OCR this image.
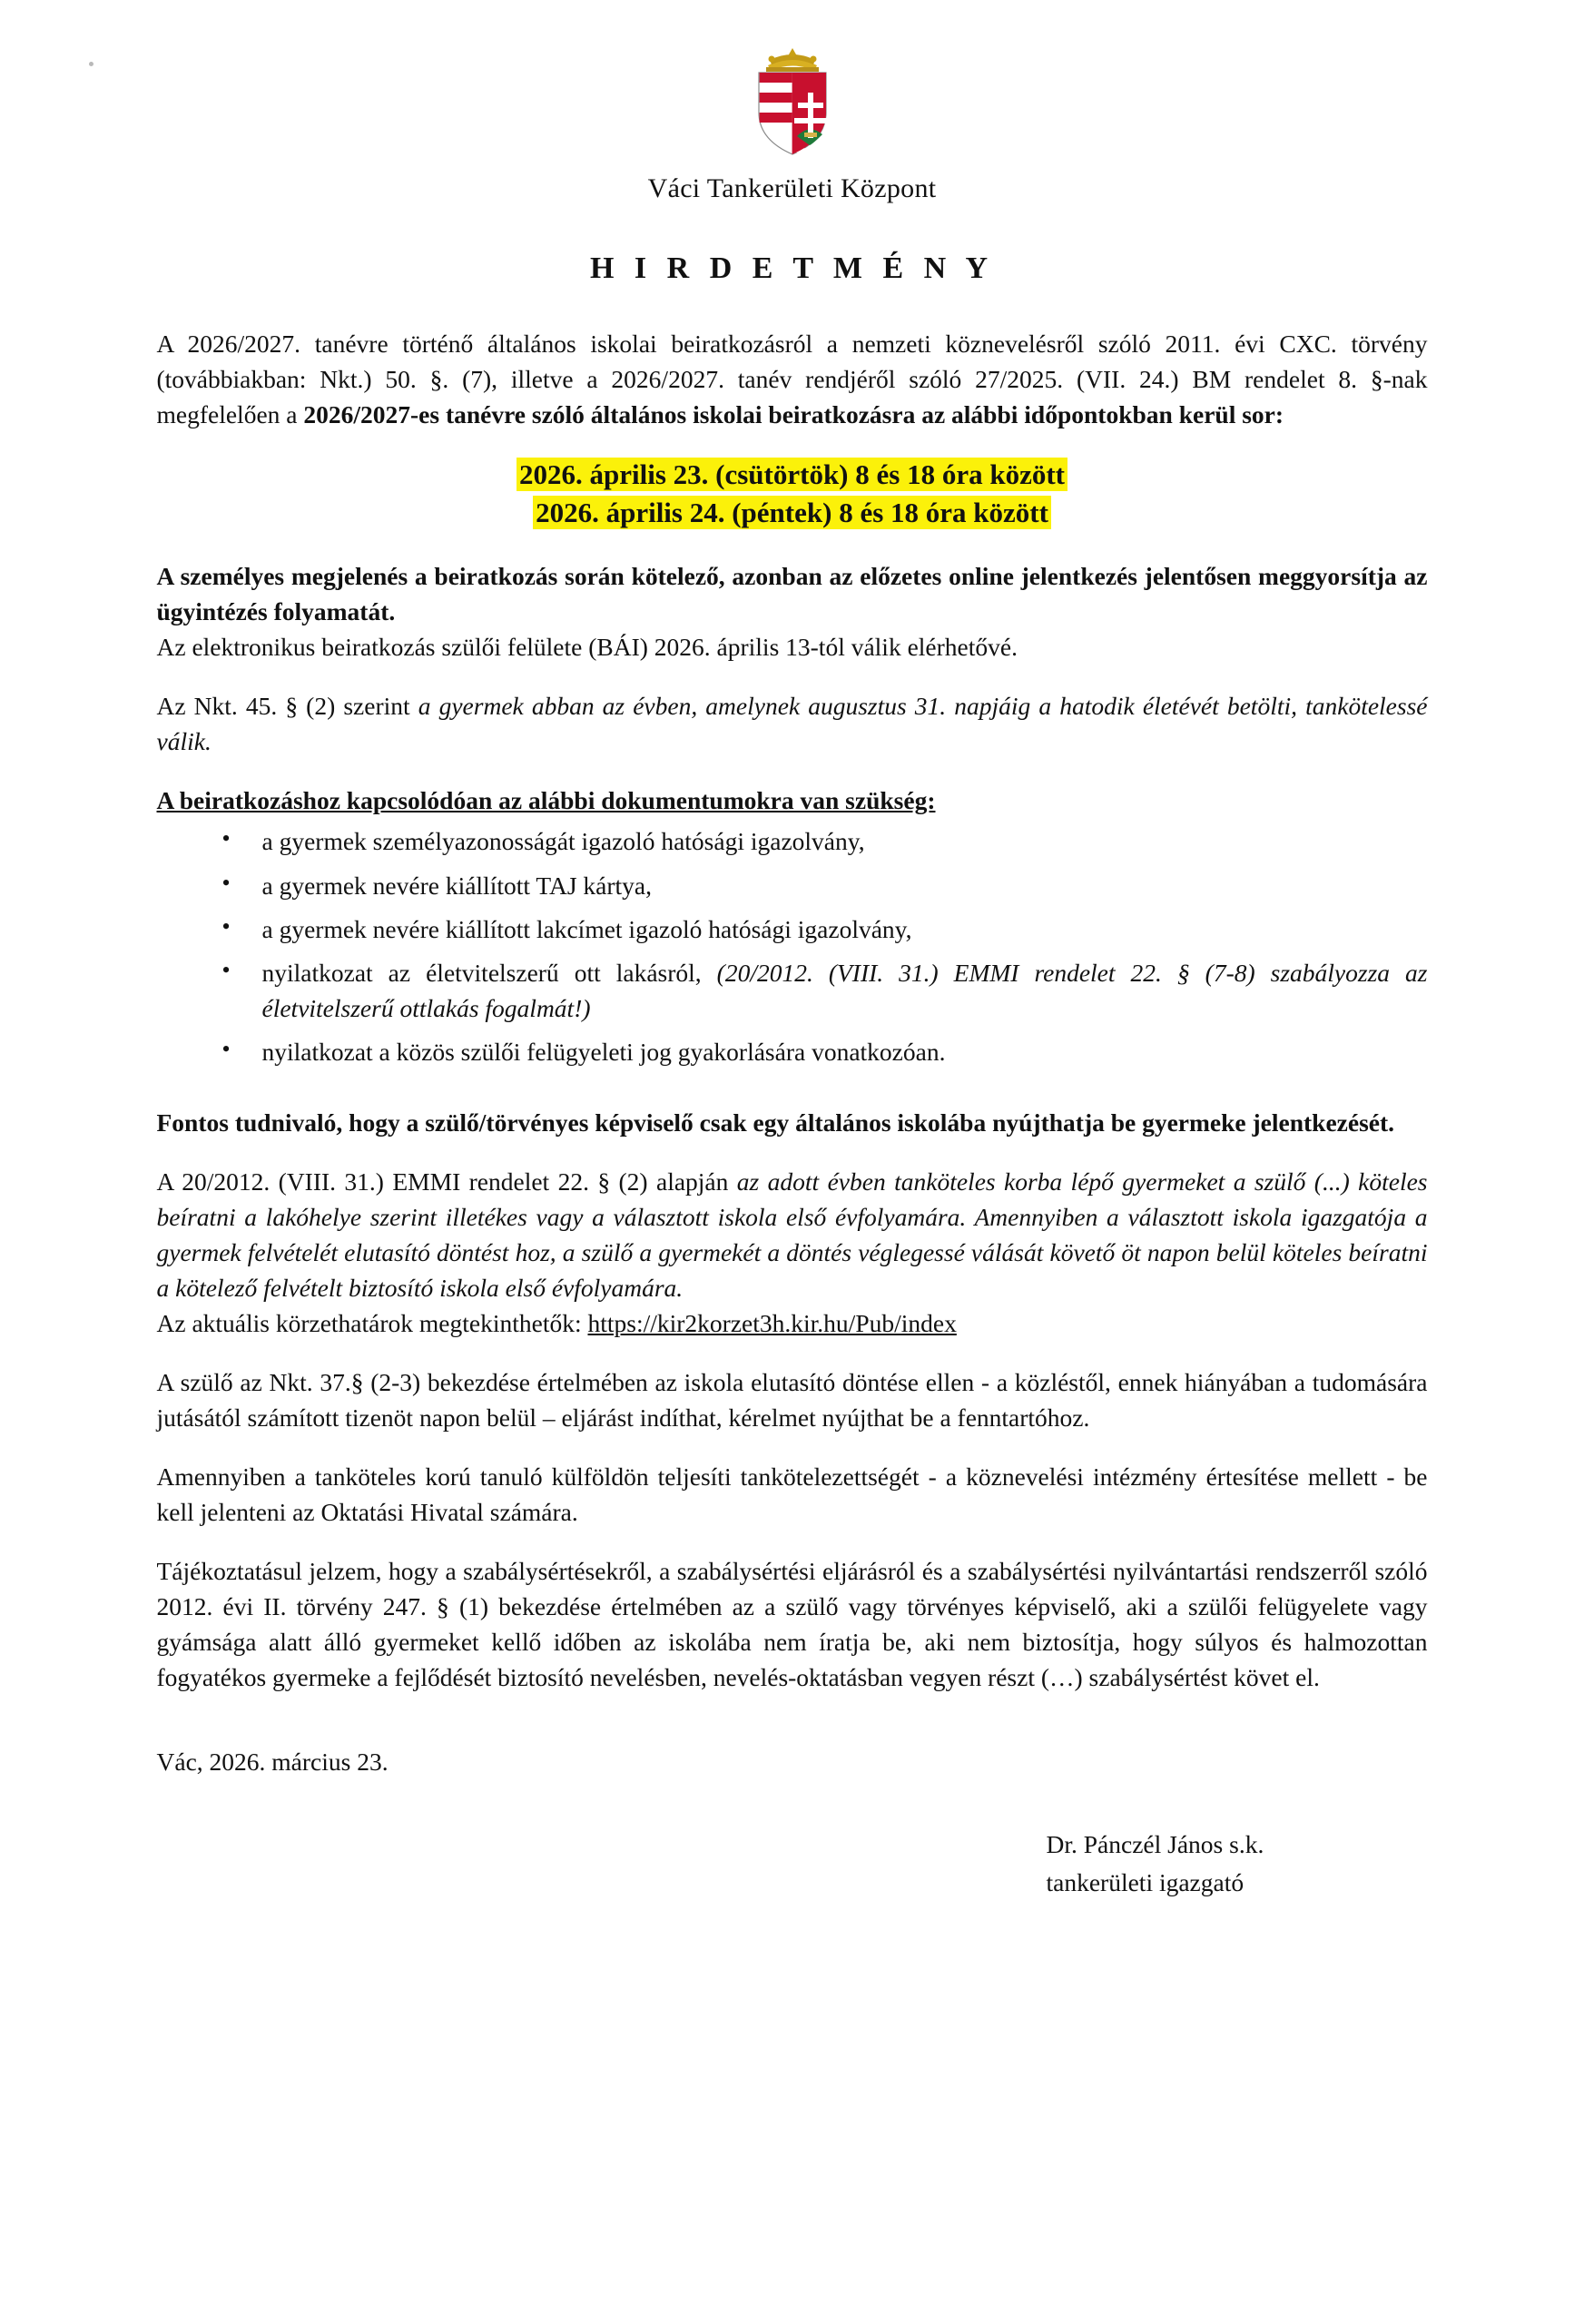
Váci Tankerületi Központ
H I R D E T M É N Y

A 2026/2027. tanévre történő általános iskolai beiratkozásról a nemzeti köznevelésről szóló 2011. évi CXC. törvény (továbbiakban: Nkt.) 50. §. (7), illetve a 2026/2027. tanév rendjéről szóló 27/2025. (VII. 24.) BM rendelet 8. §-nak megfelelően a 2026/2027-es tanévre szóló általános iskolai beiratkozásra az alábbi időpontokban kerül sor:

2026. április 23. (csütörtök) 8 és 18 óra között
2026. április 24. (péntek) 8 és 18 óra között

A személyes megjelenés a beiratkozás során kötelező, azonban az előzetes online jelentkezés jelentősen meggyorsítja az ügyintézés folyamatát.

Az elektronikus beiratkozás szülői felülete (BÁI) 2026. április 13-tól válik elérhetővé.

Az Nkt. 45. § (2) szerint a gyermek abban az évben, amelynek augusztus 31. napjáig a hatodik életévét betölti, tankötelessé válik.

A beiratkozáshoz kapcsolódóan az alábbi dokumentumokra van szükség:

• a gyermek személyazonosságát igazoló hatósági igazolvány,
• a gyermek nevére kiállított TAJ kártya,
• a gyermek nevére kiállított lakcímet igazoló hatósági igazolvány,
• nyilatkozat az életvitelszerű ott lakásról, (20/2012. (VIII. 31.) EMMI rendelet 22. § (7-8) szabályozza az életvitelszerű ottlakás fogalmát!)
• nyilatkozat a közös szülői felügyeleti jog gyakorlására vonatkozóan.

Fontos tudnivaló, hogy a szülő/törvényes képviselő csak egy általános iskolába nyújthatja be gyermeke jelentkezését.

A 20/2012. (VIII. 31.) EMMI rendelet 22. § (2) alapján az adott évben tanköteles korba lépő gyermeket a szülő (...) köteles beíratni a lakóhelye szerint illetékes vagy a választott iskola első évfolyamára. Amennyiben a választott iskola igazgatója a gyermek felvételét elutasító döntést hoz, a szülő a gyermekét a döntés véglegessé válását követő öt napon belül köteles beíratni a kötelező felvételt biztosító iskola első évfolyamára.

Az aktuális körzethatárok megtekinthetők: https://kir2korzet3h.kir.hu/Pub/index

A szülő az Nkt. 37.§ (2-3) bekezdése értelmében az iskola elutasító döntése ellen - a közléstől, ennek hiányában a tudomására jutásától számított tizenöt napon belül – eljárást indíthat, kérelmet nyújthat be a fenntartóhoz.

Amennyiben a tanköteles korú tanuló külföldön teljesíti tankötelezettségét - a köznevelési intézmény értesítése mellett - be kell jelenteni az Oktatási Hivatal számára.

Tájékoztatásul jelzem, hogy a szabálysértésekről, a szabálysértési eljárásról és a szabálysértési nyilvántartási rendszerről szóló 2012. évi II. törvény 247. § (1) bekezdése értelmében az a szülő vagy törvényes képviselő, aki a szülői felügyelete vagy gyámsága alatt álló gyermeket kellő időben az iskolába nem íratja be, aki nem biztosítja, hogy súlyos és halmozottan fogyatékos gyermeke a fejlődését biztosító nevelésben, nevelés-oktatásban vegyen részt (…) szabálysértést követ el.

Vác, 2026. március 23.
Dr. Pánczél János s.k.
tankerületi igazgató
